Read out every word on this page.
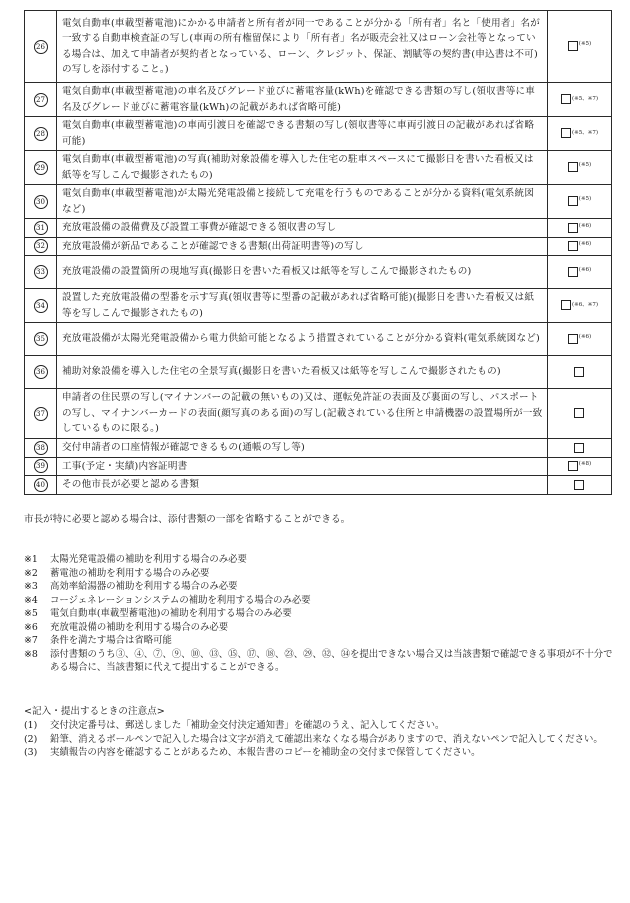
26	電気自動車(車載型蓄電池)にかかる申請者と所有者が同一であることが分かる「所有者」名と「使用者」名が一致する自動車検査証の写し(車両の所有権留保により「所有者」名が販売会社又はローン会社等となっている場合は、加えて申請者が契約者となっている、ローン、クレジット、保証、割賦等の契約書(申込書は不可)の写しを添付すること。)	$^{(※5)}$
27	電気自動車(車載型蓄電池)の車名及びグレード並びに蓄電容量(kWh)を確認できる書類の写し(領収書等に車名及びグレード並びに蓄電容量(kWh)の記載があれば省略可能)	$^{(※5、※7)}$
28	電気自動車(車載型蓄電池)の車両引渡日を確認できる書類の写し(領収書等に車両引渡日の記載があれば省略可能)	$^{(※5、※7)}$
29	電気自動車(車載型蓄電池)の写真(補助対象設備を導入した住宅の駐車スペースにて撮影日を書いた看板又は紙等を写しこんで撮影されたもの)	$^{(※5)}$
30	電気自動車(車載型蓄電池)が太陽光発電設備と接続して充電を行うものであることが分かる資料(電気系統図など)	$^{(※5)}$
31	充放電設備の設備費及び設置工事費が確認できる領収書の写し	$^{(※6)}$
32	充放電設備が新品であることが確認できる書類(出荷証明書等)の写し	$^{(※6)}$
33	充放電設備の設置箇所の現地写真(撮影日を書いた看板又は紙等を写しこんで撮影されたもの)	$^{(※6)}$
34	設置した充放電設備の型番を示す写真(領収書等に型番の記載があれば省略可能)(撮影日を書いた看板又は紙等を写しこんで撮影されたもの)	$^{(※6、※7)}$
35	充放電設備が太陽光発電設備から電力供給可能となるよう措置されていることが分かる資料(電気系統図など)	$^{(※6)}$
36	補助対象設備を導入した住宅の全景写真(撮影日を書いた看板又は紙等を写しこんで撮影されたもの)	
37	申請者の住民票の写し(マイナンバーの記載の無いもの)又は、運転免許証の表面及び裏面の写し、パスポートの写し、マイナンバーカードの表面(顔写真のある面)の写し(記載されている住所と申請機器の設置場所が一致しているものに限る。)	
38	交付申請者の口座情報が確認できるもの(通帳の写し等)	
39	工事(予定・実績)内容証明書	$^{(※8)}$
40	その他市長が必要と認める書類	
市長が特に必要と認める場合は、添付書類の一部を省略することができる。
※1	太陽光発電設備の補助を利用する場合のみ必要
※2	蓄電池の補助を利用する場合のみ必要
※3	高効率給湯器の補助を利用する場合のみ必要
※4	コージェネレーションシステムの補助を利用する場合のみ必要
※5	電気自動車(車載型蓄電池)の補助を利用する場合のみ必要
※6	充放電設備の補助を利用する場合のみ必要
※7	条件を満たす場合は省略可能
※8	添付書類のうち③、④、⑦、⑨、⑩、⑬、⑮、⑰、⑱、㉓、㉙、㉜、㉞を提出できない場合又は当該書類で確認できる事項が不十分である場合に、当該書類に代えて提出することができる。
<記入・提出するときの注意点>
(1)	交付決定番号は、郵送しました「補助金交付決定通知書」を確認のうえ、記入してください。
(2)	鉛筆、消えるボールペンで記入した場合は文字が消えて確認出来なくなる場合がありますので、消えないペンで記入してください。
(3)	実績報告の内容を確認することがあるため、本報告書のコピーを補助金の交付まで保管してください。
